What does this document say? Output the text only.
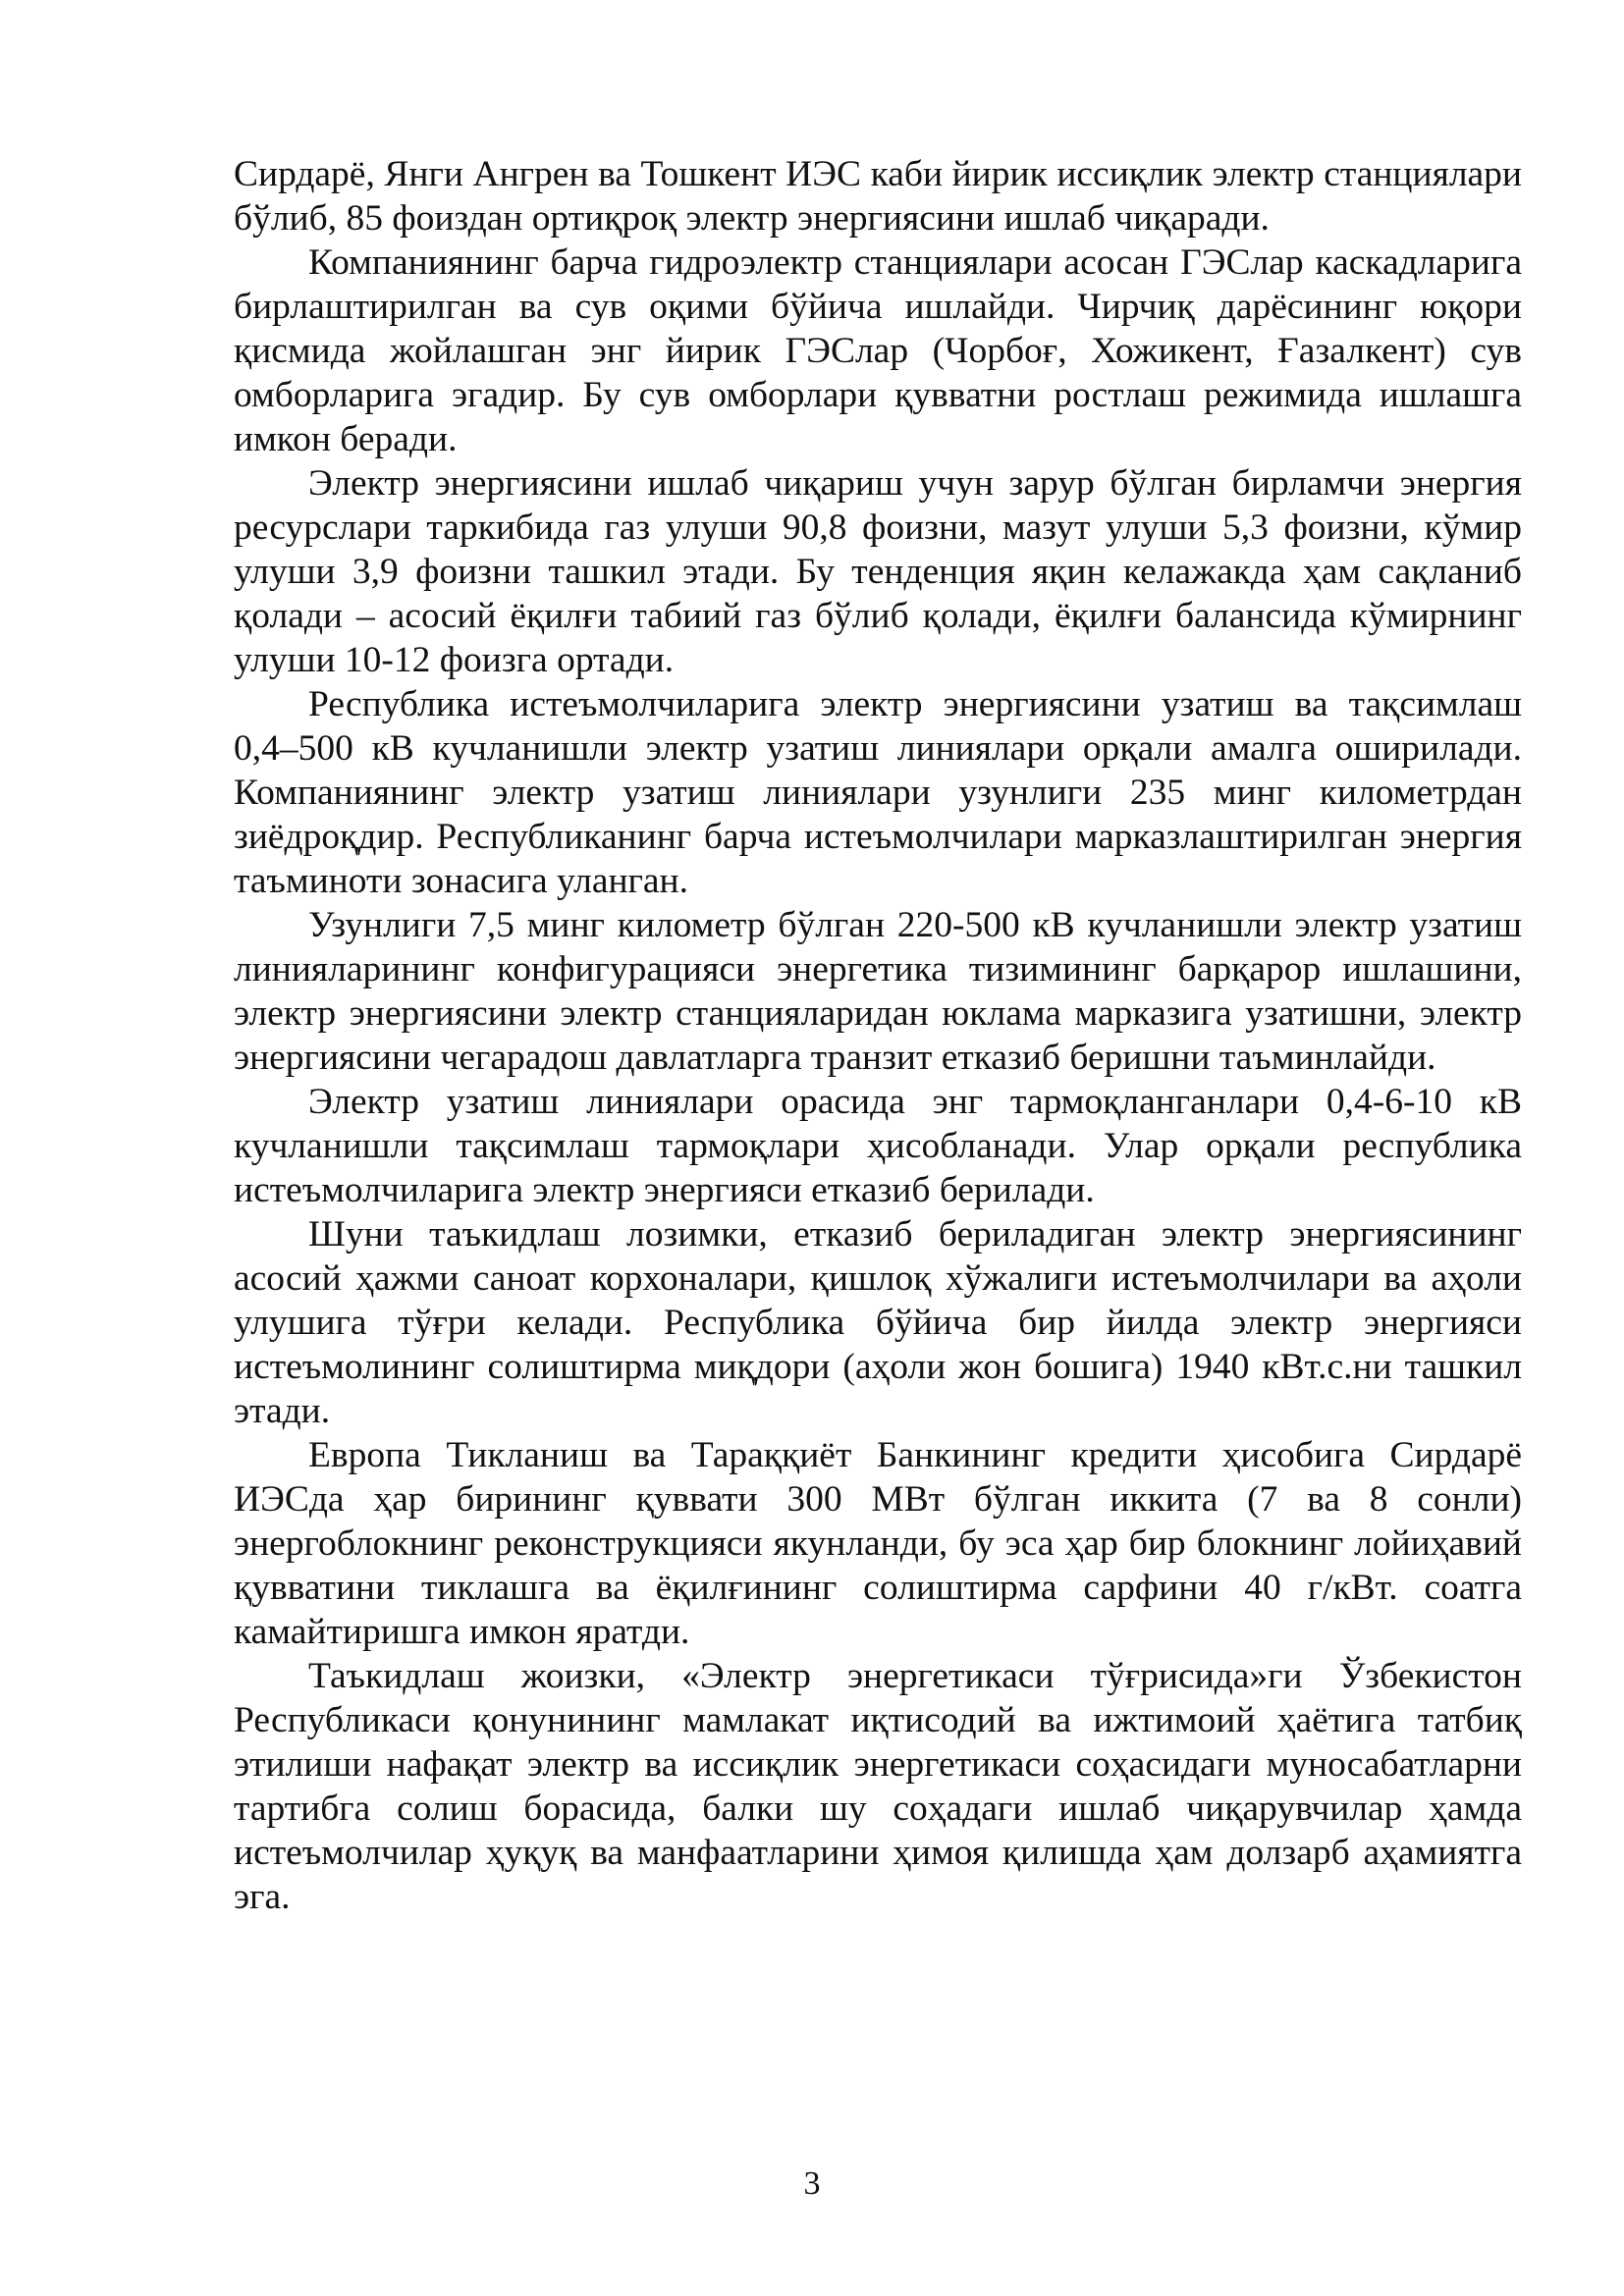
Сирдарё, Янги Ангрен ва Тошкент ИЭС каби йирик иссиқлик электр станциялари бўлиб, 85 фоиздан ортиқроқ электр энергиясини ишлаб чиқаради.

Компаниянинг барча гидроэлектр станциялари асосан ГЭСлар каскадларига бирлаштирилган ва сув оқими бўйича ишлайди. Чирчиқ дарёсининг юқори қисмида жойлашган энг йирик ГЭСлар (Чорбоғ, Хожикент, Ғазалкент) сув омборларига эгадир. Бу сув омборлари қувватни ростлаш режимида ишлашга имкон беради.

Электр энергиясини ишлаб чиқариш учун зарур бўлган бирламчи энергия ресурслари таркибида газ улуши 90,8 фоизни, мазут улуши 5,3 фоизни, кўмир улуши 3,9 фоизни ташкил этади. Бу тенденция яқин келажакда ҳам сақланиб қолади – асосий ёқилғи табиий газ бўлиб қолади, ёқилғи балансида кўмирнинг улуши 10-12 фоизга ортади.

Республика истеъмолчиларига электр энергиясини узатиш ва тақсимлаш 0,4–500 кВ кучланишли электр узатиш линиялари орқали амалга оширилади. Компаниянинг электр узатиш линиялари узунлиги 235 минг километрдан зиёдроқдир. Республиканинг барча истеъмолчилари марказлаштирилган энергия таъминоти зонасига уланган.

Узунлиги 7,5 минг километр бўлган 220-500 кВ кучланишли электр узатиш линияларининг конфигурацияси энергетика тизимининг барқарор ишлашини, электр энергиясини электр станцияларидан юклама марказига узатишни, электр энергиясини чегарадош давлатларга транзит етказиб беришни таъминлайди.

Электр узатиш линиялари орасида энг тармоқланганлари 0,4-6-10 кВ кучланишли тақсимлаш тармоқлари ҳисобланади. Улар орқали республика истеъмолчиларига электр энергияси етказиб берилади.

Шуни таъкидлаш лозимки, етказиб бериладиган электр энергиясининг асосий ҳажми саноат корхоналари, қишлоқ хўжалиги истеъмолчилари ва аҳоли улушига тўғри келади. Республика бўйича бир йилда электр энергияси истеъмолининг солиштирма миқдори (аҳоли жон бошига) 1940 кВт.с.ни ташкил этади.

Европа Тикланиш ва Тараққиёт Банкининг кредити ҳисобига Сирдарё ИЭСда ҳар бирининг қуввати 300 МВт бўлган иккита (7 ва 8 сонли) энергоблокнинг реконструкцияси якунланди, бу эса ҳар бир блокнинг лойиҳавий қувватини тиклашга ва ёқилғининг солиштирма сарфини 40 г/кВт. соатга камайтиришга имкон яратди.

Таъкидлаш жоизки, «Электр энергетикаси тўғрисида»ги Ўзбекистон Республикаси қонунининг мамлакат иқтисодий ва ижтимоий ҳаётига татбиқ этилиши нафақат электр ва иссиқлик энергетикаси соҳасидаги муносабатларни тартибга солиш борасида, балки шу соҳадаги ишлаб чиқарувчилар ҳамда истеъмолчилар ҳуқуқ ва манфаатларини ҳимоя қилишда ҳам долзарб аҳамиятга эга.

3
